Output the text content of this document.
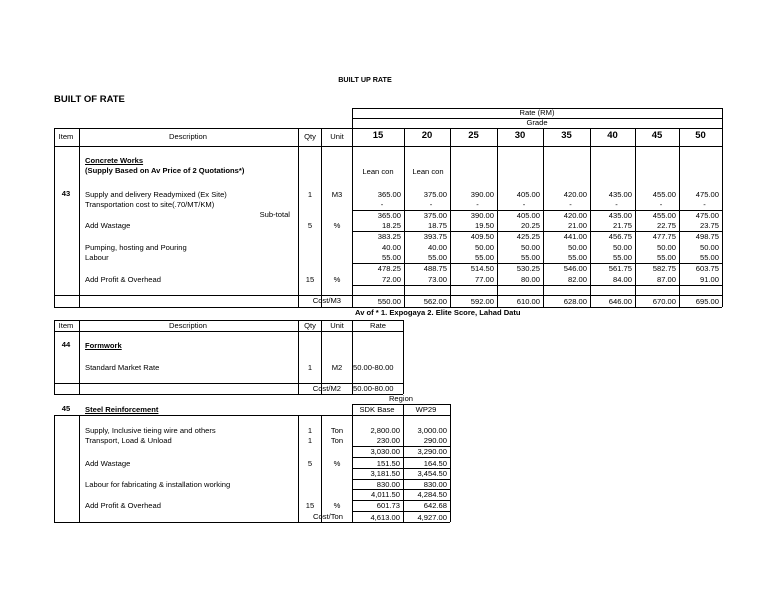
BUILT UP RATE
BUILT OF RATE
Rate (RM)
Grade
Item	Description	Qty	Unit	15	20	25	30	35	40	45	50
Concrete Works
(Supply Based on Av Price of 2 Quotations*)	Lean con	Lean con
43	Supply and delivery Readymixed (Ex Site)	1	M3	365.00	375.00	390.00	405.00	420.00	435.00	455.00	475.00
Transportation cost to site(.70/MT/KM)	-	-	-	-	-	-	-	-
Sub-total	365.00	375.00	390.00	405.00	420.00	435.00	455.00	475.00
Add Wastage	5	%	18.25	18.75	19.50	20.25	21.00	21.75	22.75	23.75
383.25	393.75	409.50	425.25	441.00	456.75	477.75	498.75
Pumping, hosting and Pouring	40.00	40.00	50.00	50.00	50.00	50.00	50.00	50.00
Labour	55.00	55.00	55.00	55.00	55.00	55.00	55.00	55.00
478.25	488.75	514.50	530.25	546.00	561.75	582.75	603.75
Add Profit & Overhead	15	%	72.00	73.00	77.00	80.00	82.00	84.00	87.00	91.00
Cost/M3	550.00	562.00	592.00	610.00	628.00	646.00	670.00	695.00
Av of * 1. Expogaya 2. Elite Score, Lahad Datu
Item	Description	Qty	Unit	Rate
44	Formwork
Standard Market Rate	1	M2	50.00-80.00
Cost/M2 50.00-80.00
Region
SDK Base	WP29
45	Steel Reinforcement
Supply, Inclusive tieing wire and others	1	Ton	2,800.00	3,000.00
Transport, Load & Unload	1	Ton	230.00	290.00
3,030.00	3,290.00
Add Wastage	5	%	151.50	164.50
3,181.50	3,454.50
Labour for fabricating & installation working	830.00	830.00
4,011.50	4,284.50
Add Profit & Overhead	15	%	601.73	642.68
Cost/Ton	4,613.00	4,927.00
